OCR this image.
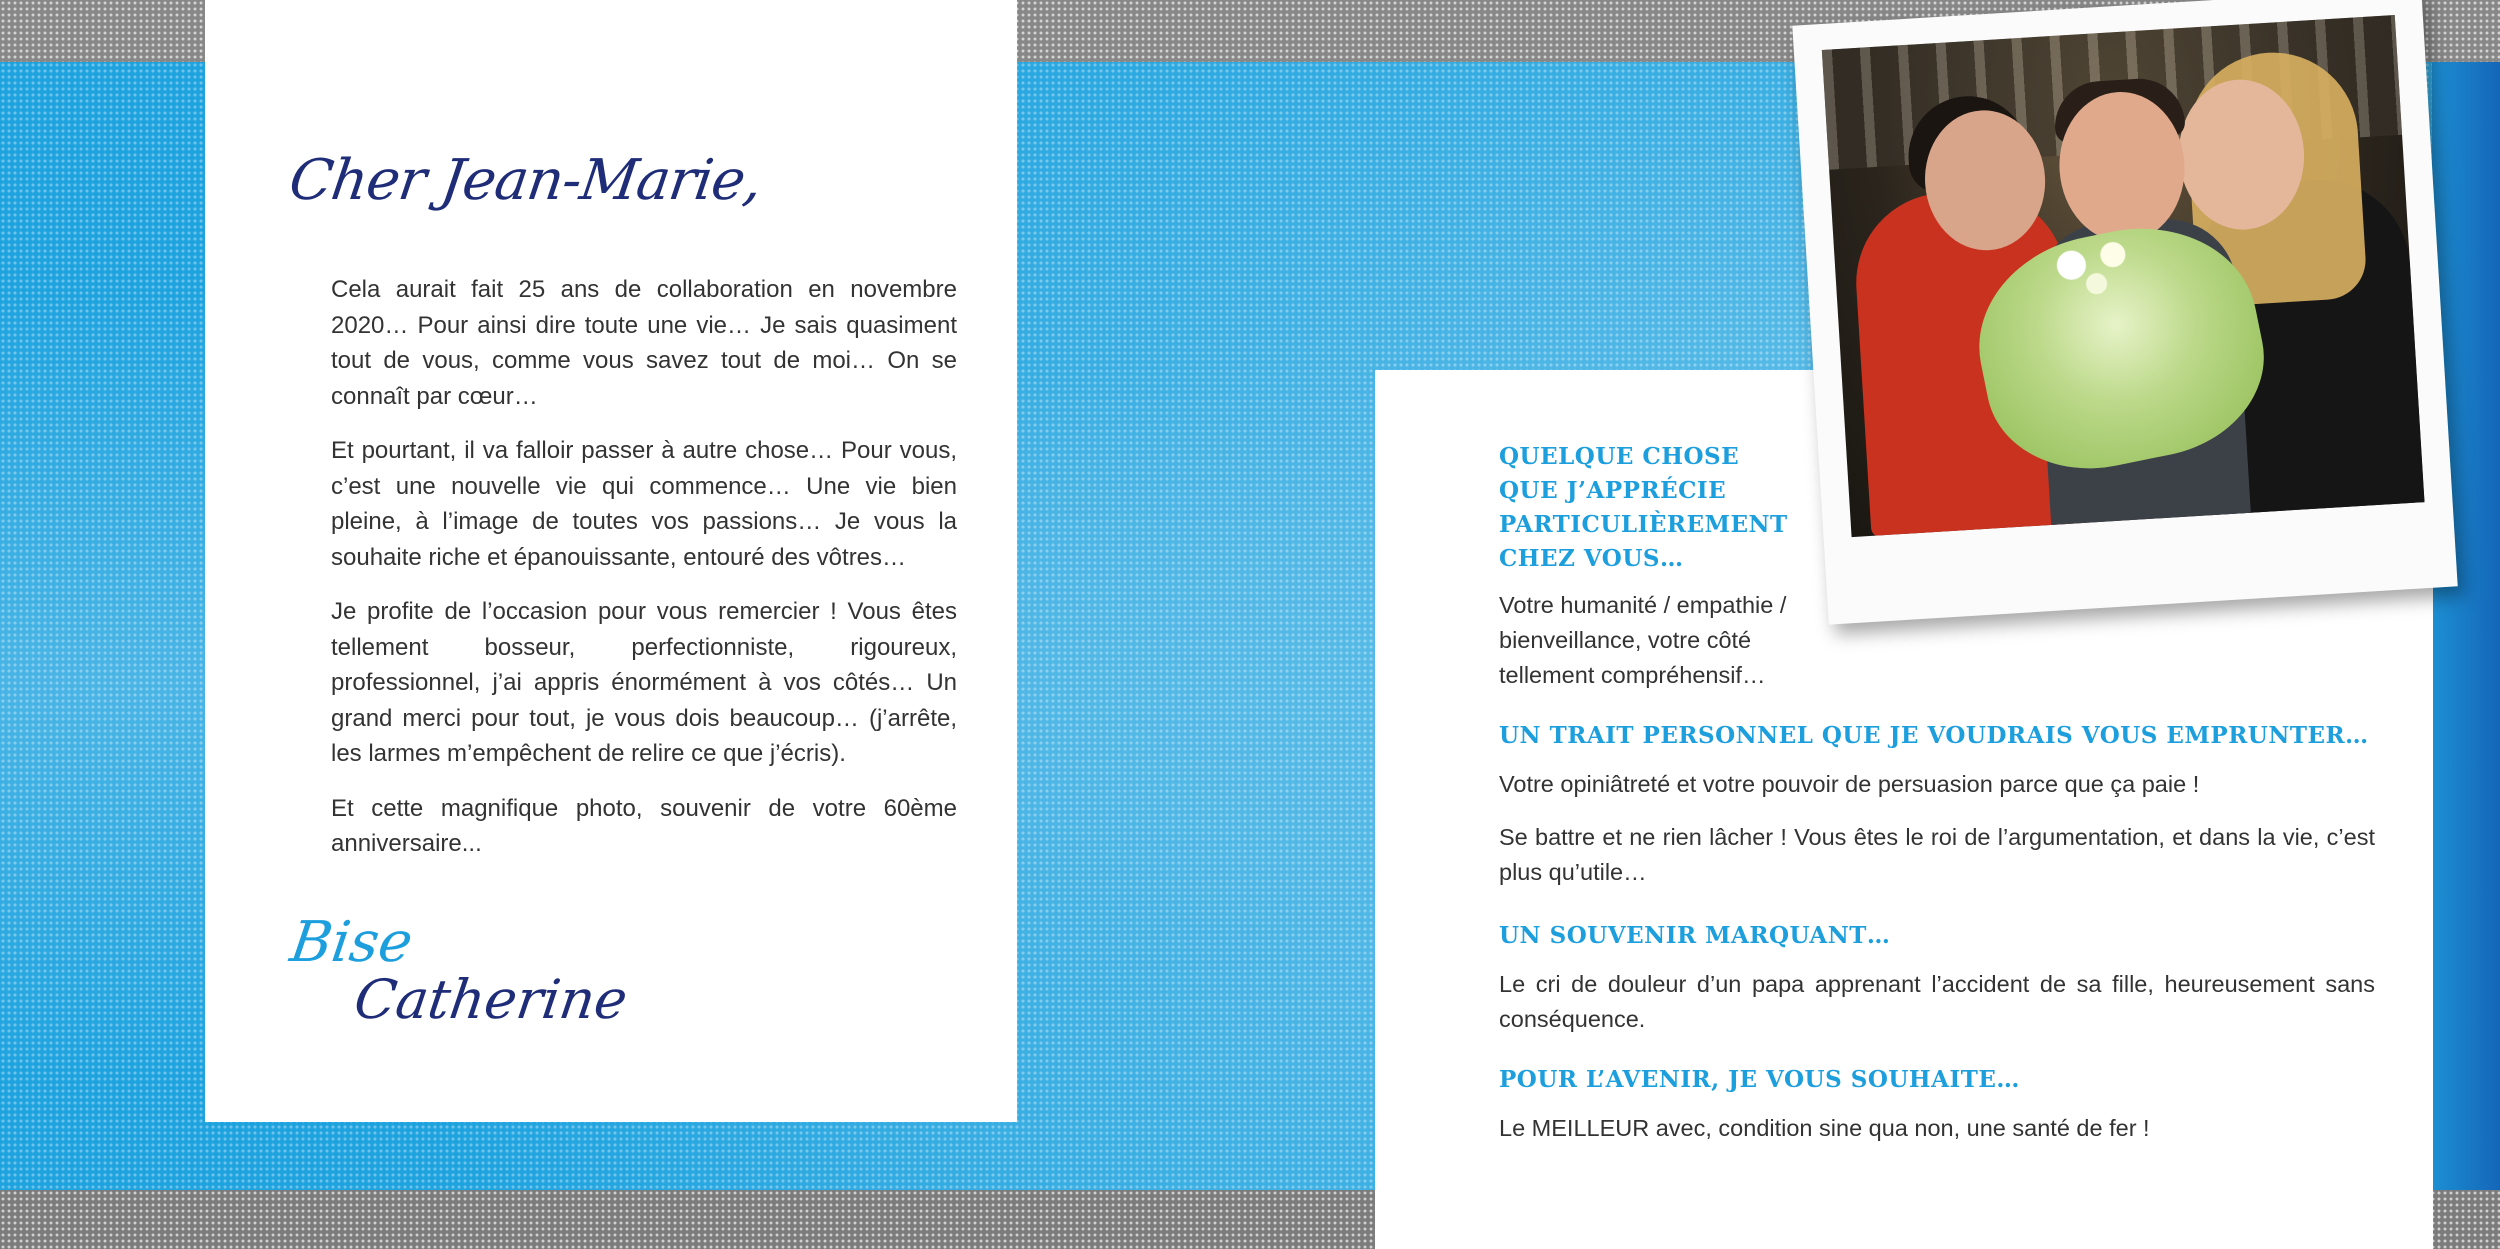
Cher Jean-Marie,

Cela aurait fait 25 ans de collaboration en novembre 2020… Pour ainsi dire toute une vie… Je sais quasiment tout de vous, comme vous savez tout de moi… On se connaît par cœur…

Et pourtant, il va falloir passer à autre chose… Pour vous, c’est une nouvelle vie qui commence… Une vie bien pleine, à l’image de toutes vos passions… Je vous la souhaite riche et épanouissante, entouré des vôtres…

Je profite de l’occasion pour vous remercier ! Vous êtes tellement bosseur, perfectionniste, rigoureux, professionnel, j’ai appris énormément à vos côtés… Un grand merci pour tout, je vous dois beaucoup… (j’arrête, les larmes m’empêchent de relire ce que j’écris).

Et cette magnifique photo, souvenir de votre 60ème anniversaire...

Bise
Catherine
QUELQUE CHOSE QUE J’APPRÉCIE PARTICULIÈREMENT CHEZ VOUS…
Votre humanité / empathie / bienveillance, votre côté tellement compréhensif…
UN TRAIT PERSONNEL QUE JE VOUDRAIS VOUS EMPRUNTER…
Votre opiniâtreté et votre pouvoir de persuasion parce que ça paie !
Se battre et ne rien lâcher ! Vous êtes le roi de l’argumentation, et dans la vie, c’est plus qu’utile…
UN SOUVENIR MARQUANT…
Le cri de douleur d’un papa apprenant l’accident de sa fille, heureusement sans conséquence.
POUR L’AVENIR, JE VOUS SOUHAITE…
Le MEILLEUR avec, condition sine qua non, une santé de fer !
